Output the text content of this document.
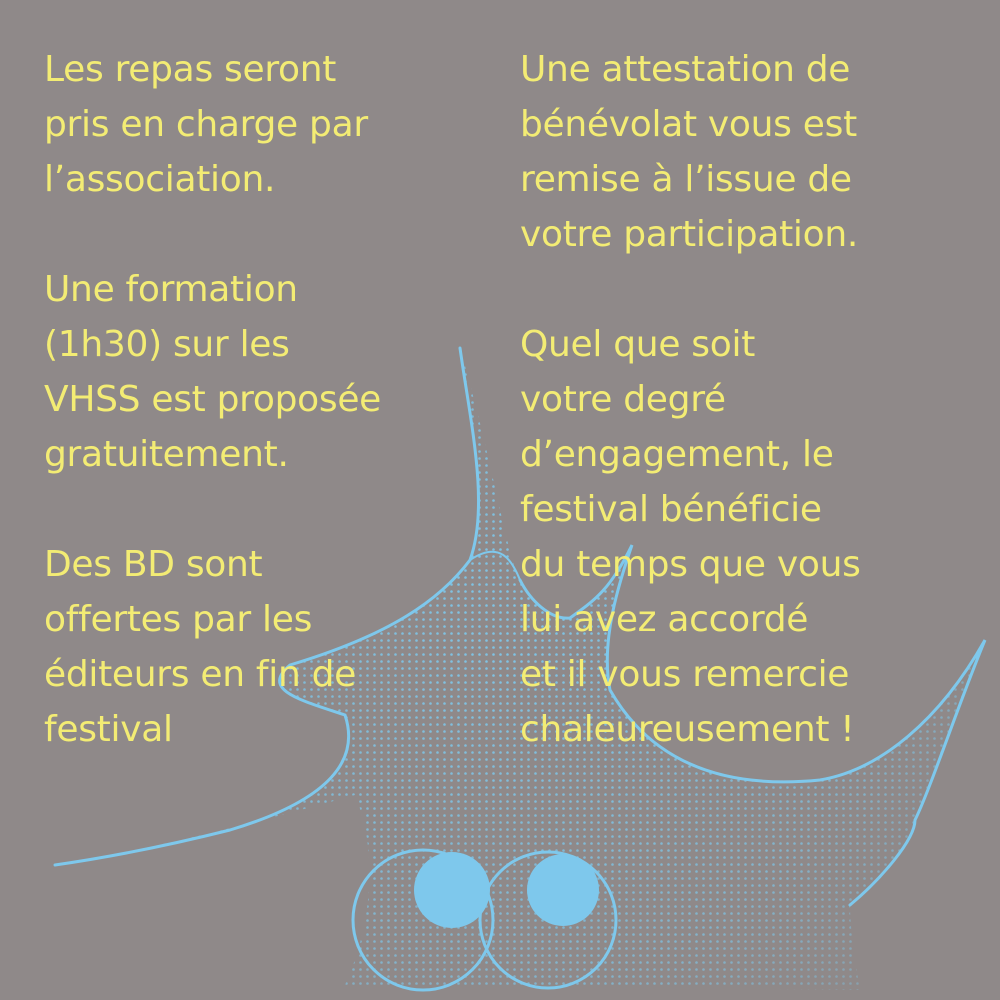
Les repas seront
pris en charge par
l’association.

Une formation
(1h30) sur les
VHSS est proposée
gratuitement.

Des BD sont
offertes par les
éditeurs en fin de
festival

Une attestation de
bénévolat vous est
remise à l’issue de
votre participation.

Quel que soit
votre degré
d’engagement, le
festival bénéficie
du temps que vous
lui avez accordé
et il vous remercie
chaleureusement !
